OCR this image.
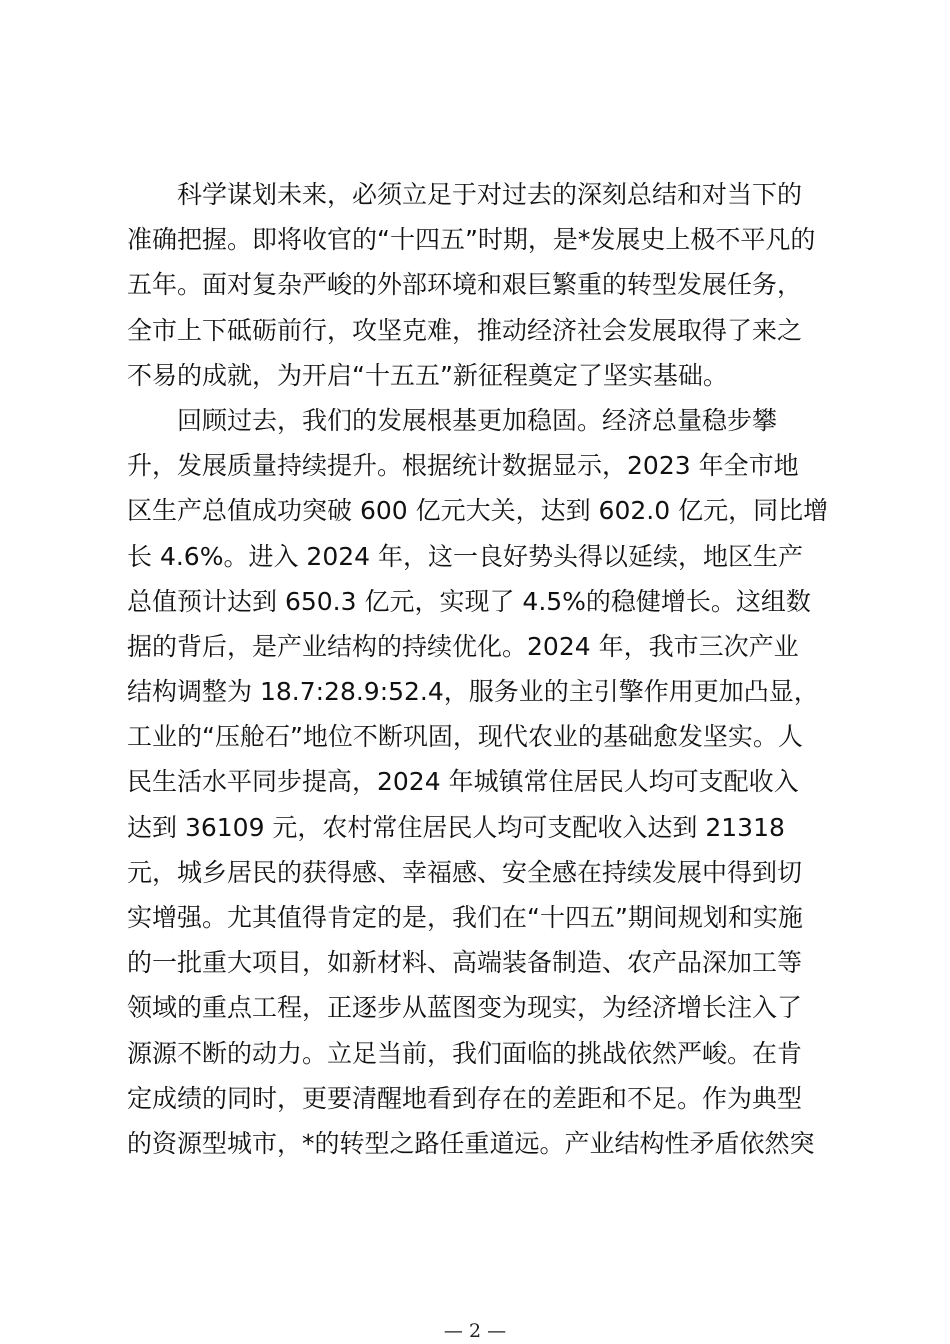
科学谋划未来，必须立足于对过去的深刻总结和对当下的
准确把握。即将收官的“十四五”时期，是*发展史上极不平凡的
五年。面对复杂严峻的外部环境和艰巨繁重的转型发展任务，
全市上下砥砺前行，攻坚克难，推动经济社会发展取得了来之
不易的成就，为开启“十五五”新征程奠定了坚实基础。
回顾过去，我们的发展根基更加稳固。经济总量稳步攀
升，发展质量持续提升。根据统计数据显示，2023 年全市地
区生产总值成功突破 600 亿元大关，达到 602.0 亿元，同比增
长 4.6%。进入 2024 年，这一良好势头得以延续，地区生产
总值预计达到 650.3 亿元，实现了 4.5%的稳健增长。这组数
据的背后，是产业结构的持续优化。2024 年，我市三次产业
结构调整为 18.7:28.9:52.4，服务业的主引擎作用更加凸显，
工业的“压舱石”地位不断巩固，现代农业的基础愈发坚实。人
民生活水平同步提高，2024 年城镇常住居民人均可支配收入
达到 36109 元，农村常住居民人均可支配收入达到 21318
元，城乡居民的获得感、幸福感、安全感在持续发展中得到切
实增强。尤其值得肯定的是，我们在“十四五”期间规划和实施
的一批重大项目，如新材料、高端装备制造、农产品深加工等
领域的重点工程，正逐步从蓝图变为现实，为经济增长注入了
源源不断的动力。立足当前，我们面临的挑战依然严峻。在肯
定成绩的同时，更要清醒地看到存在的差距和不足。作为典型
的资源型城市，*的转型之路任重道远。产业结构性矛盾依然突
— 2 —
